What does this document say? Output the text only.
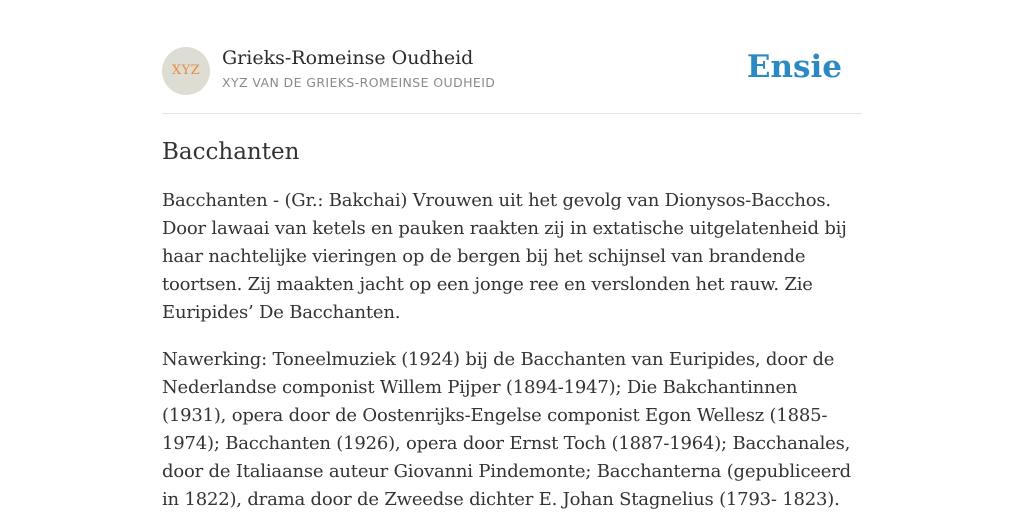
XYZ
Grieks-Romeinse Oudheid
XYZ VAN DE GRIEKS-ROMEINSE OUDHEID	Ensie
Bacchanten

Bacchanten - (Gr.: Bakchai) Vrouwen uit het gevolg van Dionysos-Bacchos. Door lawaai van ketels en pauken raakten zij in extatische uitgelatenheid bij haar nachtelijke vieringen op de bergen bij het schijnsel van brandende toortsen. Zij maakten jacht op een jonge ree en verslonden het rauw. Zie Euripides’ De Bacchanten.

Nawerking: Toneelmuziek (1924) bij de Bacchanten van Euripides, door de Nederlandse componist Willem Pijper (1894-1947); Die Bakchantinnen (1931), opera door de Oostenrijks-Engelse componist Egon Wellesz (1885- 1974); Bacchanten (1926), opera door Ernst Toch (1887-1964); Bacchanales, door de Italiaanse auteur Giovanni Pindemonte; Bacchanterna (gepubliceerd in 1822), drama door de Zweedse dichter E. Johan Stagnelius (1793- 1823).
